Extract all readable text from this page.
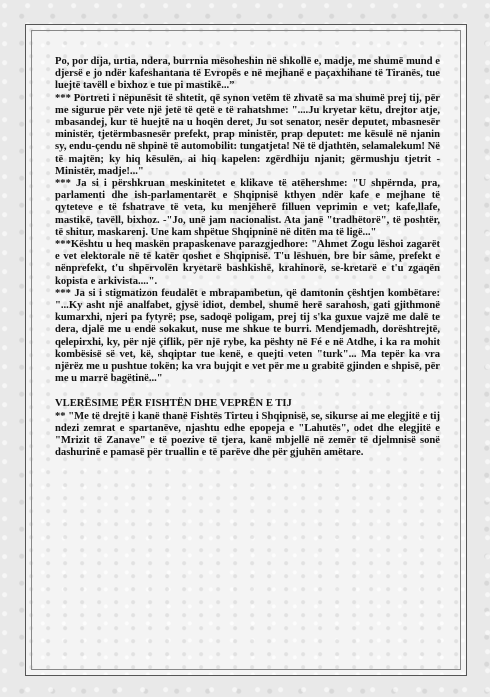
Po, por dija, urtia, ndera, burrnia mësoheshin në shkollë e, madje, me shumë mund e djersë e jo ndër kafeshantana të Evropës e në mejhanë e paçaxhihane të Tiranës, tue luejtë tavëll e bixhoz e tue pi mastikë...”

*** Portreti i nëpunësit të shtetit, që synon vetëm të zhvatë sa ma shumë prej tij, për me sigurue për vete një jetë të qetë e të rahatshme: "....Ju kryetar këtu, drejtor atje, mbasandej, kur të huejtë na u hoqën deret, Ju sot senator, nesër deputet, mbasnesër ministër, tjetërmbasnesër prefekt, prap ministër, prap deputet: me kësulë në njanin sy, endu-çendu në shpinë të automobilit: tungatjeta! Në të djathtën, selamalekum! Në të majtën; ky hiq kësulën, ai hiq kapelen: zgërdhiju njanit; gërmushju tjetrit - Ministër, madje!..."

*** Ja si i përshkruan meskinitetet e klikave të atëhershme: "U shpërnda, pra, parlamenti dhe ish-parlamentarët e Shqipnisë kthyen ndër kafe e mejhane të qyteteve e të fshatrave të veta, ku menjëherë filluen veprimin e vet; kafe,llafe, mastikë, tavëll, bixhoz. -"Jo, unë jam nacionalist. Ata janë "tradhëtorë", të poshtër, të shitur, maskarenj. Une kam shpëtue Shqipninë në ditën ma të ligë..."

***Kështu u heq maskën prapaskenave parazgjedhore: "Ahmet Zogu lëshoi zagarët e vet elektorale në të katër qoshet e Shqipnisë. T'u lëshuen, bre bir sâme, prefekt e nënprefekt, t'u shpërvolën kryetarë bashkishë, krahinorë, se-kretarë e t'u zgaqën kopista e arkivista....".

*** Ja si i stigmatizon feudalët e mbrapambetun, që damtonin çështjen kombëtare: "...Ky asht një analfabet, gjysë idiot, dembel, shumë herë sarahosh, gati gjithmonë kumarxhi, njeri pa fytyrë; pse, sadoqë poligam, prej tij s'ka guxue vajzë me dalë te dera, djalë me u endë sokakut, nuse me shkue te burri. Mendjemadh, dorështrejtë, qelepirxhi, ky, për një çiflik, për një rybe, ka pështy në Fé e në Atdhe, i ka ra mohit kombësisë së vet, kë, shqiptar tue kenë, e quejti veten "turk"... Ma tepër ka vra njërëz me u pushtue tokën; ka vra bujqit e vet për me u grabitë gjinden e shpisë, për me u marrë bagëtinë..."

VLERËSIME PËR FISHTËN DHE VEPRËN E TIJ

** "Me të drejtë i kanë thanë Fishtës Tirteu i Shqipnisë, se, sikurse ai me elegjitë e tij ndezi zemrat e spartanëve, njashtu edhe epopeja e "Lahutës", odet dhe elegjitë e "Mrizit të Zanave" e të poezive të tjera, kanë mbjellë në zemër të djelmnisë sonë dashurinë e pamasë për truallin e të parëve dhe për gjuhën amëtare.
